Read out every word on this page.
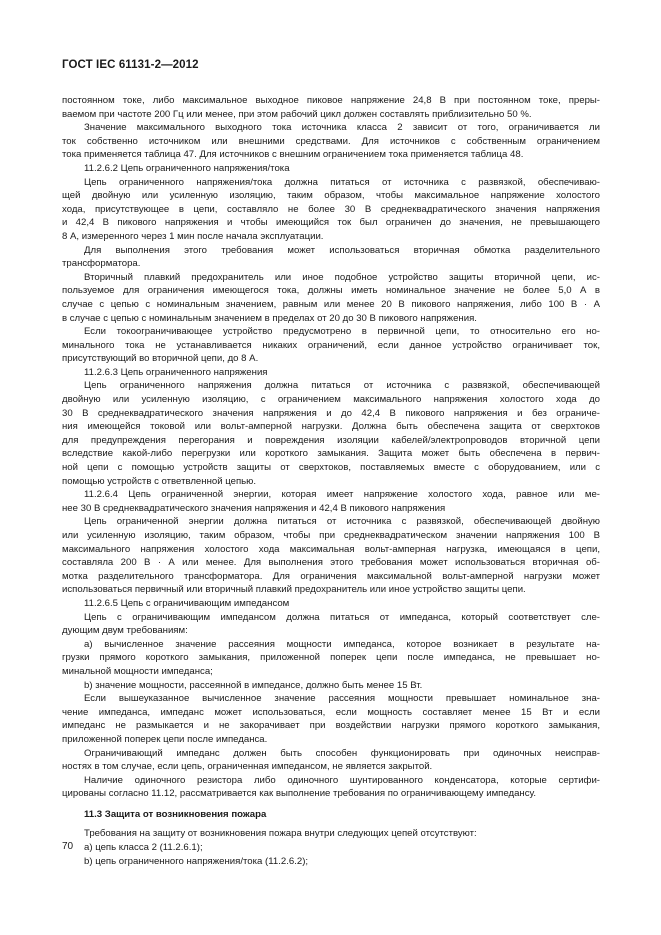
ГОСТ IEC 61131-2—2012
постоянном токе, либо максимальное выходное пиковое напряжение 24,8 В при постоянном токе, преры-
ваемом при частоте 200 Гц или менее, при этом рабочий цикл должен составлять приблизительно 50 %.
Значение максимального выходного тока источника класса 2 зависит от того, ограничивается ли
ток собственно источником или внешними средствами. Для источников с собственным ограничением
тока применяется таблица 47. Для источников с внешним ограничением тока применяется таблица 48.
11.2.6.2 Цепь ограниченного напряжения/тока
Цепь ограниченного напряжения/тока должна питаться от источника с развязкой, обеспечиваю-
щей двойную или усиленную изоляцию, таким образом, чтобы максимальное напряжение холостого
хода, присутствующее в цепи, составляло не более 30 В среднеквадратического значения напряжения
и 42,4 В пикового напряжения и чтобы имеющийся ток был ограничен до значения, не превышающего
8 А, измеренного через 1 мин после начала эксплуатации.
Для выполнения этого требования может использоваться вторичная обмотка разделительного
трансформатора.
Вторичный плавкий предохранитель или иное подобное устройство защиты вторичной цепи, ис-
пользуемое для ограничения имеющегося тока, должны иметь номинальное значение не более 5,0 А в
случае с цепью с номинальным значением, равным или менее 20 В пикового напряжения, либо 100 В · А
в случае с цепью с номинальным значением в пределах от 20 до 30 В пикового напряжения.
Если токоограничивающее устройство предусмотрено в первичной цепи, то относительно его но-
минального тока не устанавливается никаких ограничений, если данное устройство ограничивает ток,
присутствующий во вторичной цепи, до 8 А.
11.2.6.3 Цепь ограниченного напряжения
Цепь ограниченного напряжения должна питаться от источника с развязкой, обеспечивающей
двойную или усиленную изоляцию, с ограничением максимального напряжения холостого хода до
30 В среднеквадратического значения напряжения и до 42,4 В пикового напряжения и без ограниче-
ния имеющейся токовой или вольт-амперной нагрузки. Должна быть обеспечена защита от сверхтоков
для предупреждения перегорания и повреждения изоляции кабелей/электропроводов вторичной цепи
вследствие какой-либо перегрузки или короткого замыкания. Защита может быть обеспечена в первич-
ной цепи с помощью устройств защиты от сверхтоков, поставляемых вместе с оборудованием, или с
помощью устройств с ответвленной цепью.
11.2.6.4 Цепь ограниченной энергии, которая имеет напряжение холостого хода, равное или ме-
нее 30 В среднеквадратического значения напряжения и 42,4 В пикового напряжения
Цепь ограниченной энергии должна питаться от источника с развязкой, обеспечивающей двойную
или усиленную изоляцию, таким образом, чтобы при среднеквадратическом значении напряжения 100 В
максимального напряжения холостого хода максимальная вольт-амперная нагрузка, имеющаяся в цепи,
составляла 200 В · А или менее. Для выполнения этого требования может использоваться вторичная об-
мотка разделительного трансформатора. Для ограничения максимальной вольт-амперной нагрузки может
использоваться первичный или вторичный плавкий предохранитель или иное устройство защиты цепи.
11.2.6.5 Цепь с ограничивающим импедансом
Цепь с ограничивающим импедансом должна питаться от импеданса, который соответствует сле-
дующим двум требованиям:
a) вычисленное значение рассеяния мощности импеданса, которое возникает в результате на-
грузки прямого короткого замыкания, приложенной поперек цепи после импеданса, не превышает но-
минальной мощности импеданса;
b) значение мощности, рассеянной в импедансе, должно быть менее 15 Вт.
Если вышеуказанное вычисленное значение рассеяния мощности превышает номинальное зна-
чение импеданса, импеданс может использоваться, если мощность составляет менее 15 Вт и если
импеданс не размыкается и не закорачивает при воздействии нагрузки прямого короткого замыкания,
приложенной поперек цепи после импеданса.
Ограничивающий импеданс должен быть способен функционировать при одиночных неисправ-
ностях в том случае, если цепь, ограниченная импедансом, не является закрытой.
Наличие одиночного резистора либо одиночного шунтированного конденсатора, которые сертифи-
цированы согласно 11.12, рассматривается как выполнение требования по ограничивающему импедансу.
11.3 Защита от возникновения пожара
Требования на защиту от возникновения пожара внутри следующих цепей отсутствуют:
a) цепь класса 2 (11.2.6.1);
b) цепь ограниченного напряжения/тока (11.2.6.2);
70
